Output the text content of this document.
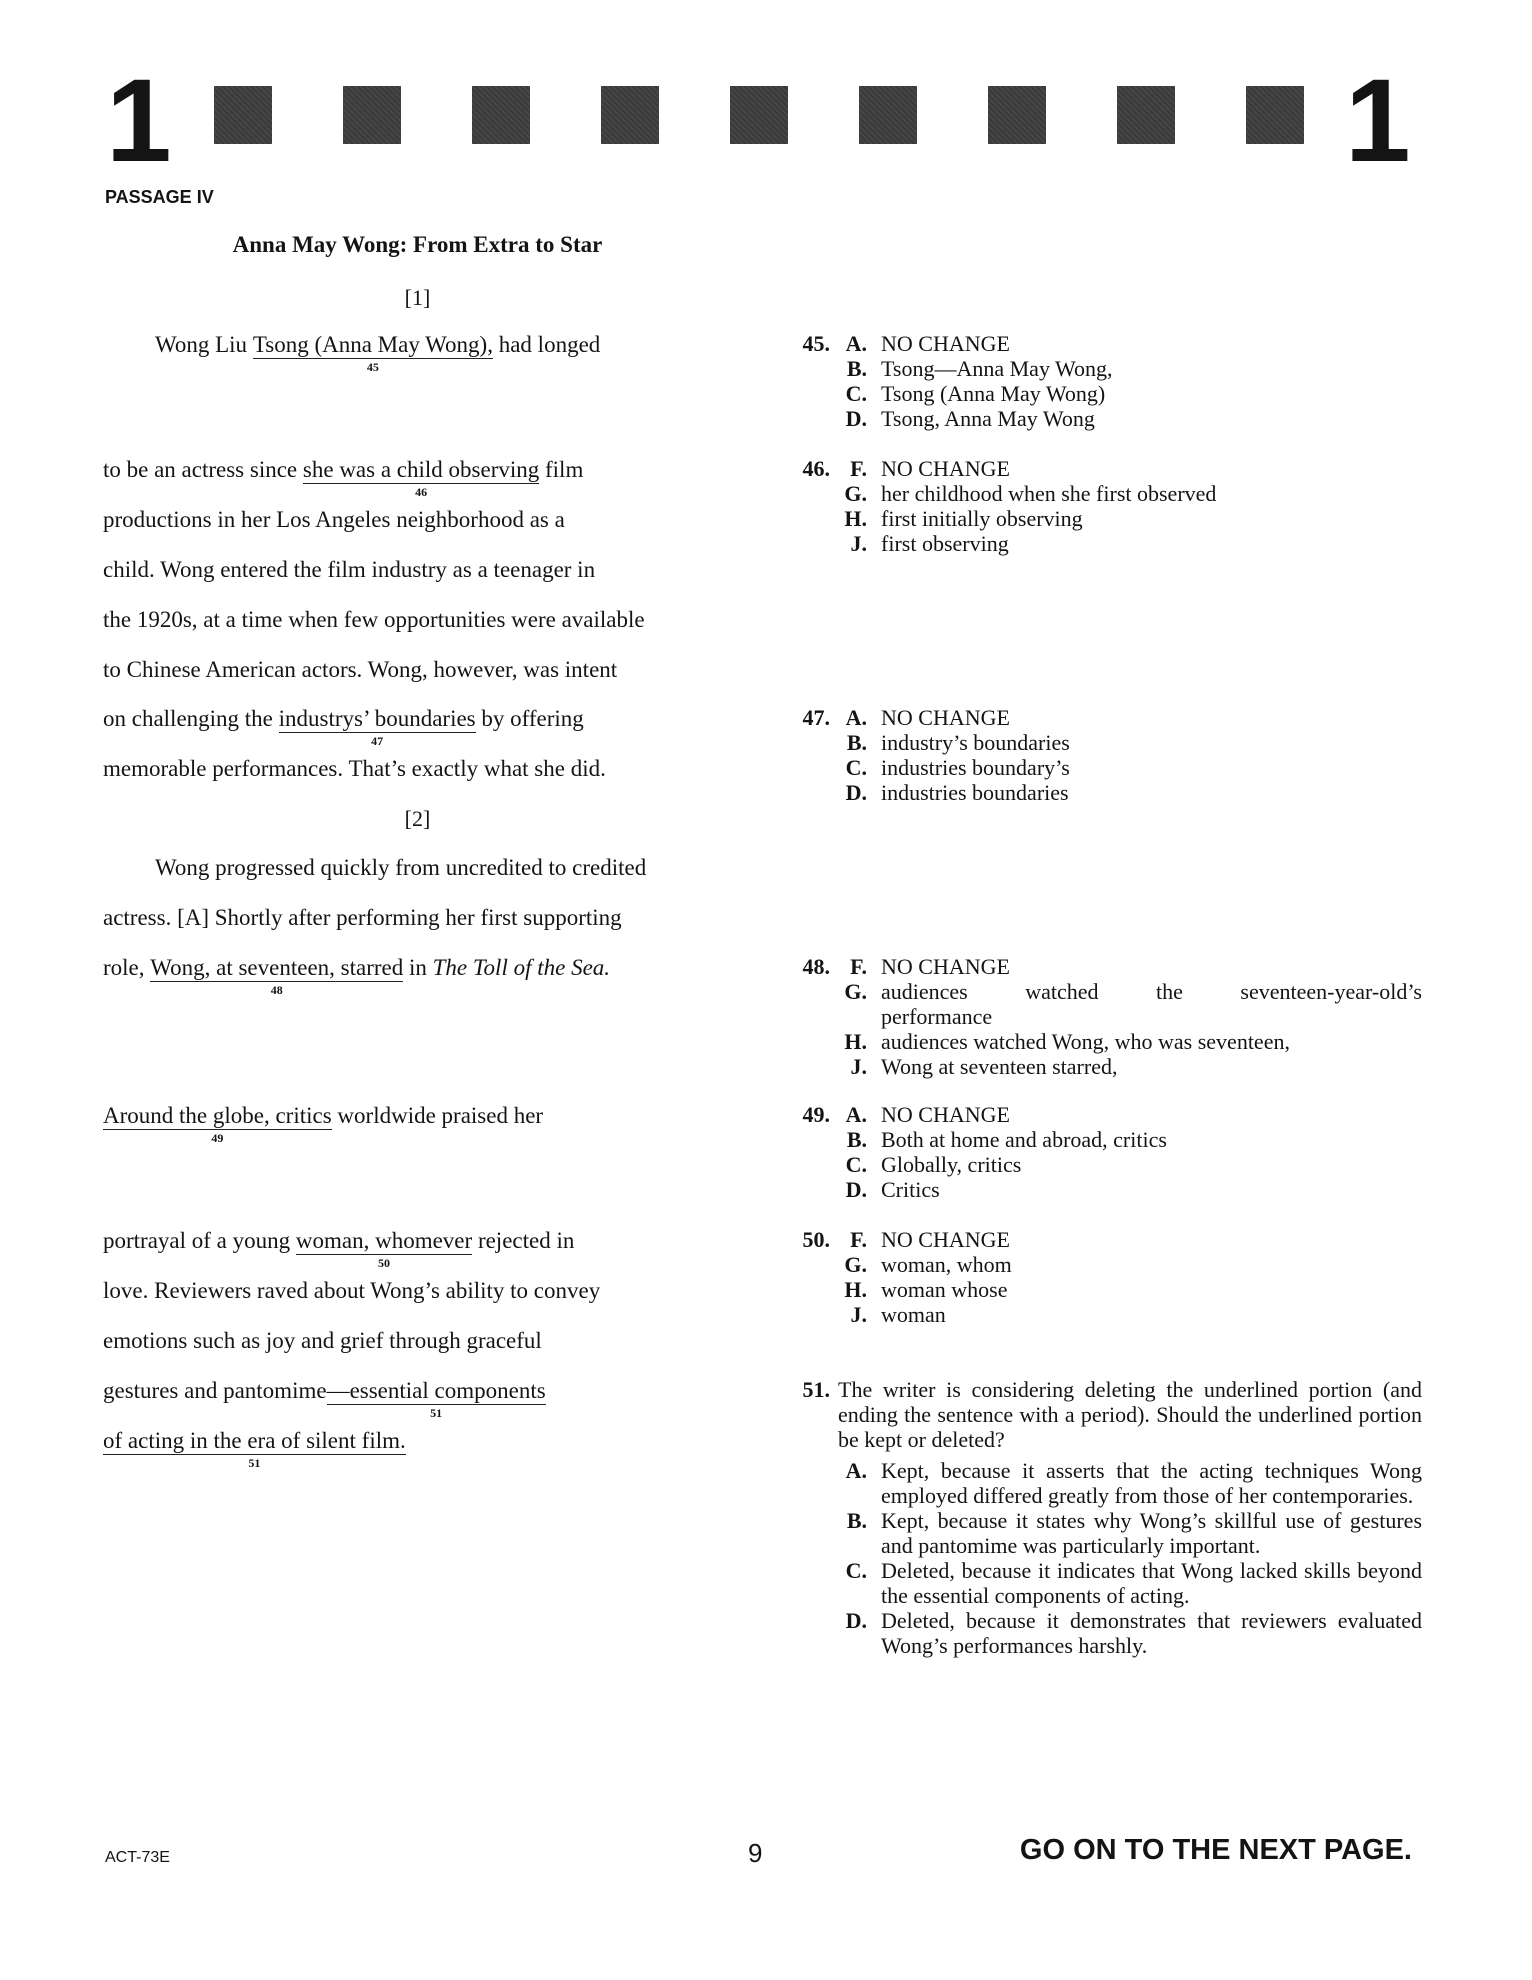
1	1
PASSAGE IV
Anna May Wong: From Extra to Star
[1]
Wong Liu Tsong (Anna May Wong),
45
had longed
to be an actress since she was a child observing
46
film
productions in her Los Angeles neighborhood as a
child. Wong entered the film industry as a teenager in
the 1920s, at a time when few opportunities were available
to Chinese American actors. Wong, however, was intent
on challenging the industrys’ boundaries
47
by offering
memorable performances. That’s exactly what she did.
[2]
Wong progressed quickly from uncredited to credited
actress. [A] Shortly after performing her first supporting
role, Wong, at seventeen, starred
48
in The Toll of the Sea.
Around the globe, critics
49
worldwide praised her
portrayal of a young woman, whomever
50
rejected in
love. Reviewers raved about Wong’s ability to convey
emotions such as joy and grief through graceful
gestures and pantomime—essential components
51
of acting in the era of silent film.
51
45. A. NO CHANGE
B. Tsong—Anna May Wong,
C. Tsong (Anna May Wong)
D. Tsong, Anna May Wong
46. F. NO CHANGE
G. her childhood when she first observed
H. first initially observing
J. first observing
47. A. NO CHANGE
B. industry’s boundaries
C. industries boundary’s
D. industries boundaries
48. F. NO CHANGE
G. audiences watched the seventeen-year-old’s performance
H. audiences watched Wong, who was seventeen,
J. Wong at seventeen starred,
49. A. NO CHANGE
B. Both at home and abroad, critics
C. Globally, critics
D. Critics
50. F. NO CHANGE
G. woman, whom
H. woman whose
J. woman
51. The writer is considering deleting the underlined portion (and ending the sentence with a period). Should the underlined portion be kept or deleted?
A. Kept, because it asserts that the acting techniques Wong employed differed greatly from those of her contemporaries.
B. Kept, because it states why Wong’s skillful use of gestures and pantomime was particularly important.
C. Deleted, because it indicates that Wong lacked skills beyond the essential components of acting.
D. Deleted, because it demonstrates that reviewers evaluated Wong’s performances harshly.
ACT-73E	9	GO ON TO THE NEXT PAGE.
